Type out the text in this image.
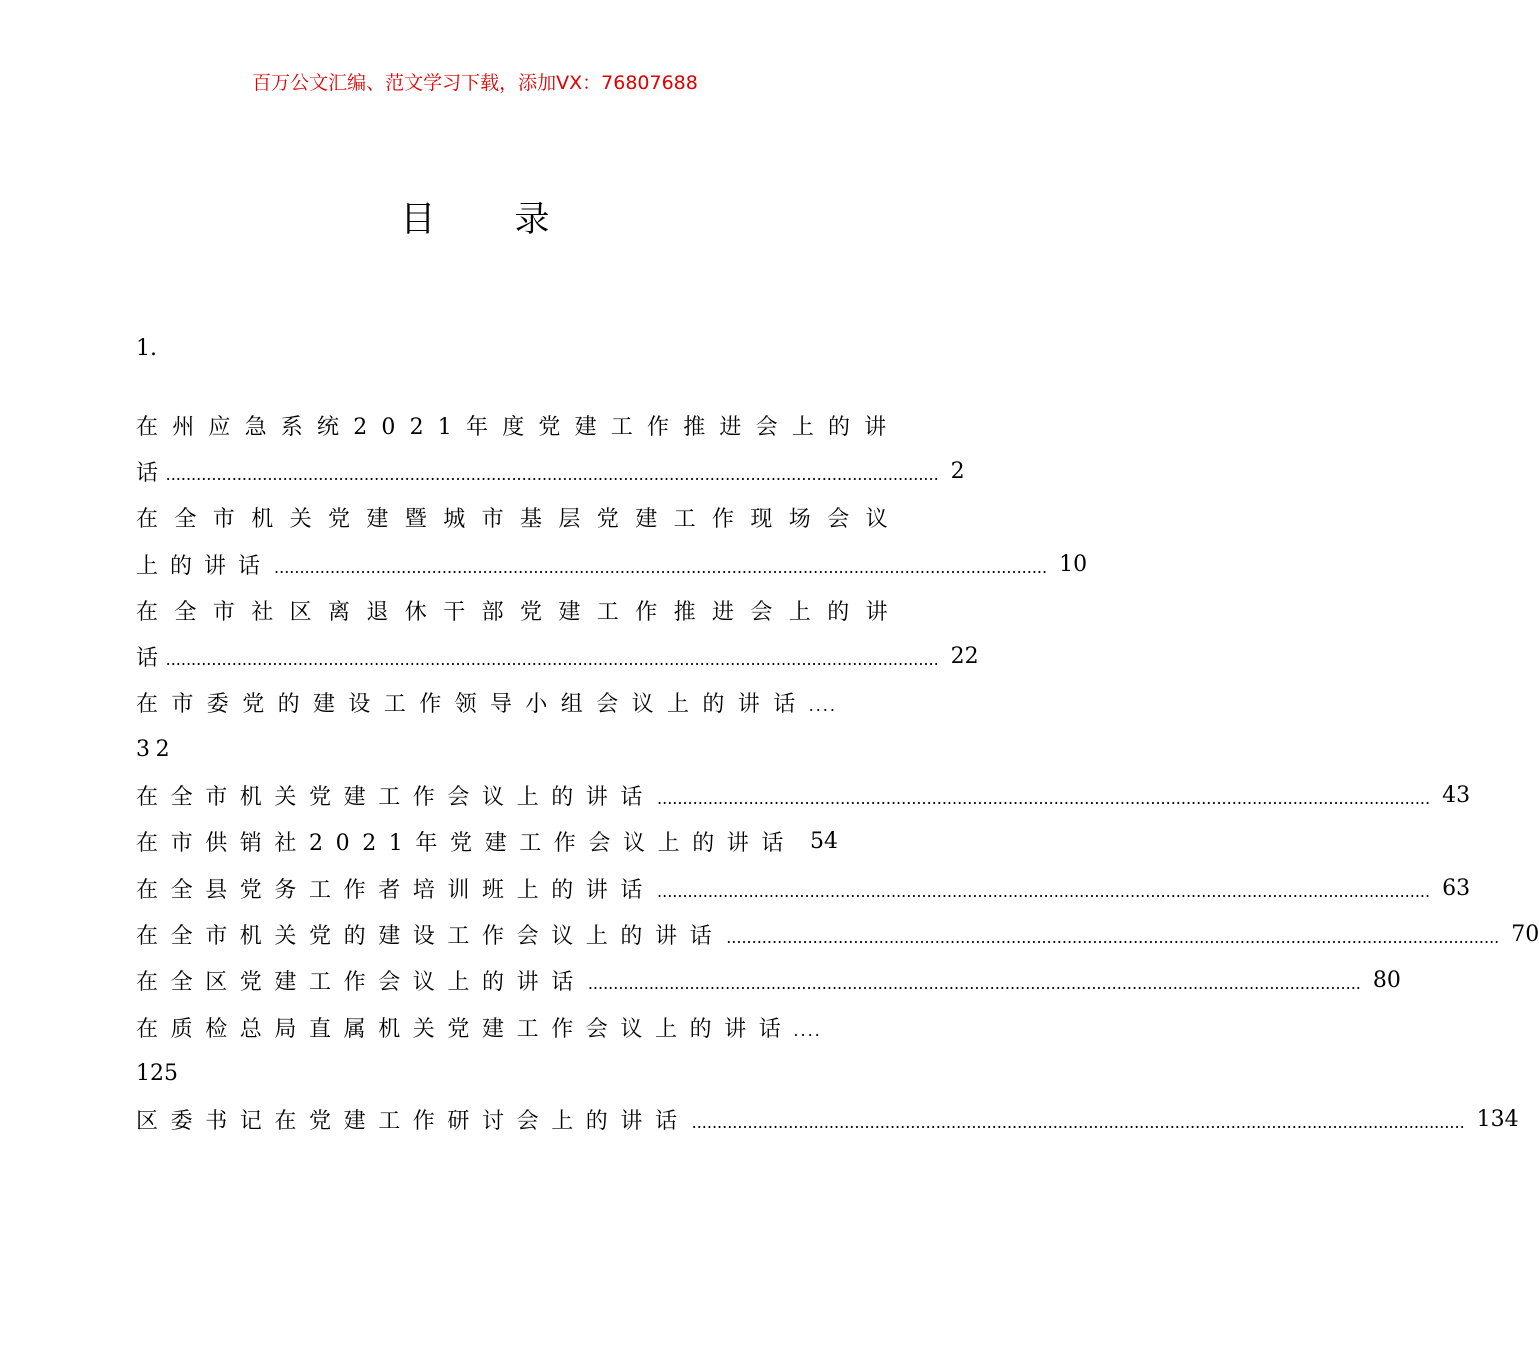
百万公文汇编、范文学习下载，添加VX：76807688
目 录
1.
在州应急系统2021年度党建工作推进会上的讲
话 ........................................................................................................................................................ 2
在全市机关党建暨城市基层党建工作现场会议
上的讲话 ........................................................................................................................................................ 10
在全市社区离退休干部党建工作推进会上的讲
话 ........................................................................................................................................................ 22
在市委党的建设工作领导小组会议上的讲话 ....
32
在全市机关党建工作会议上的讲话 ........................................................................................................................................................ 43
在市供销社2021年党建工作会议上的讲话 54
在全县党务工作者培训班上的讲话 ........................................................................................................................................................ 63
在全市机关党的建设工作会议上的讲话 ........................................................................................................................................................ 70
在全区党建工作会议上的讲话 ........................................................................................................................................................ 80
在质检总局直属机关党建工作会议上的讲话 ....
125
区委书记在党建工作研讨会上的讲话 ........................................................................................................................................................ 134
